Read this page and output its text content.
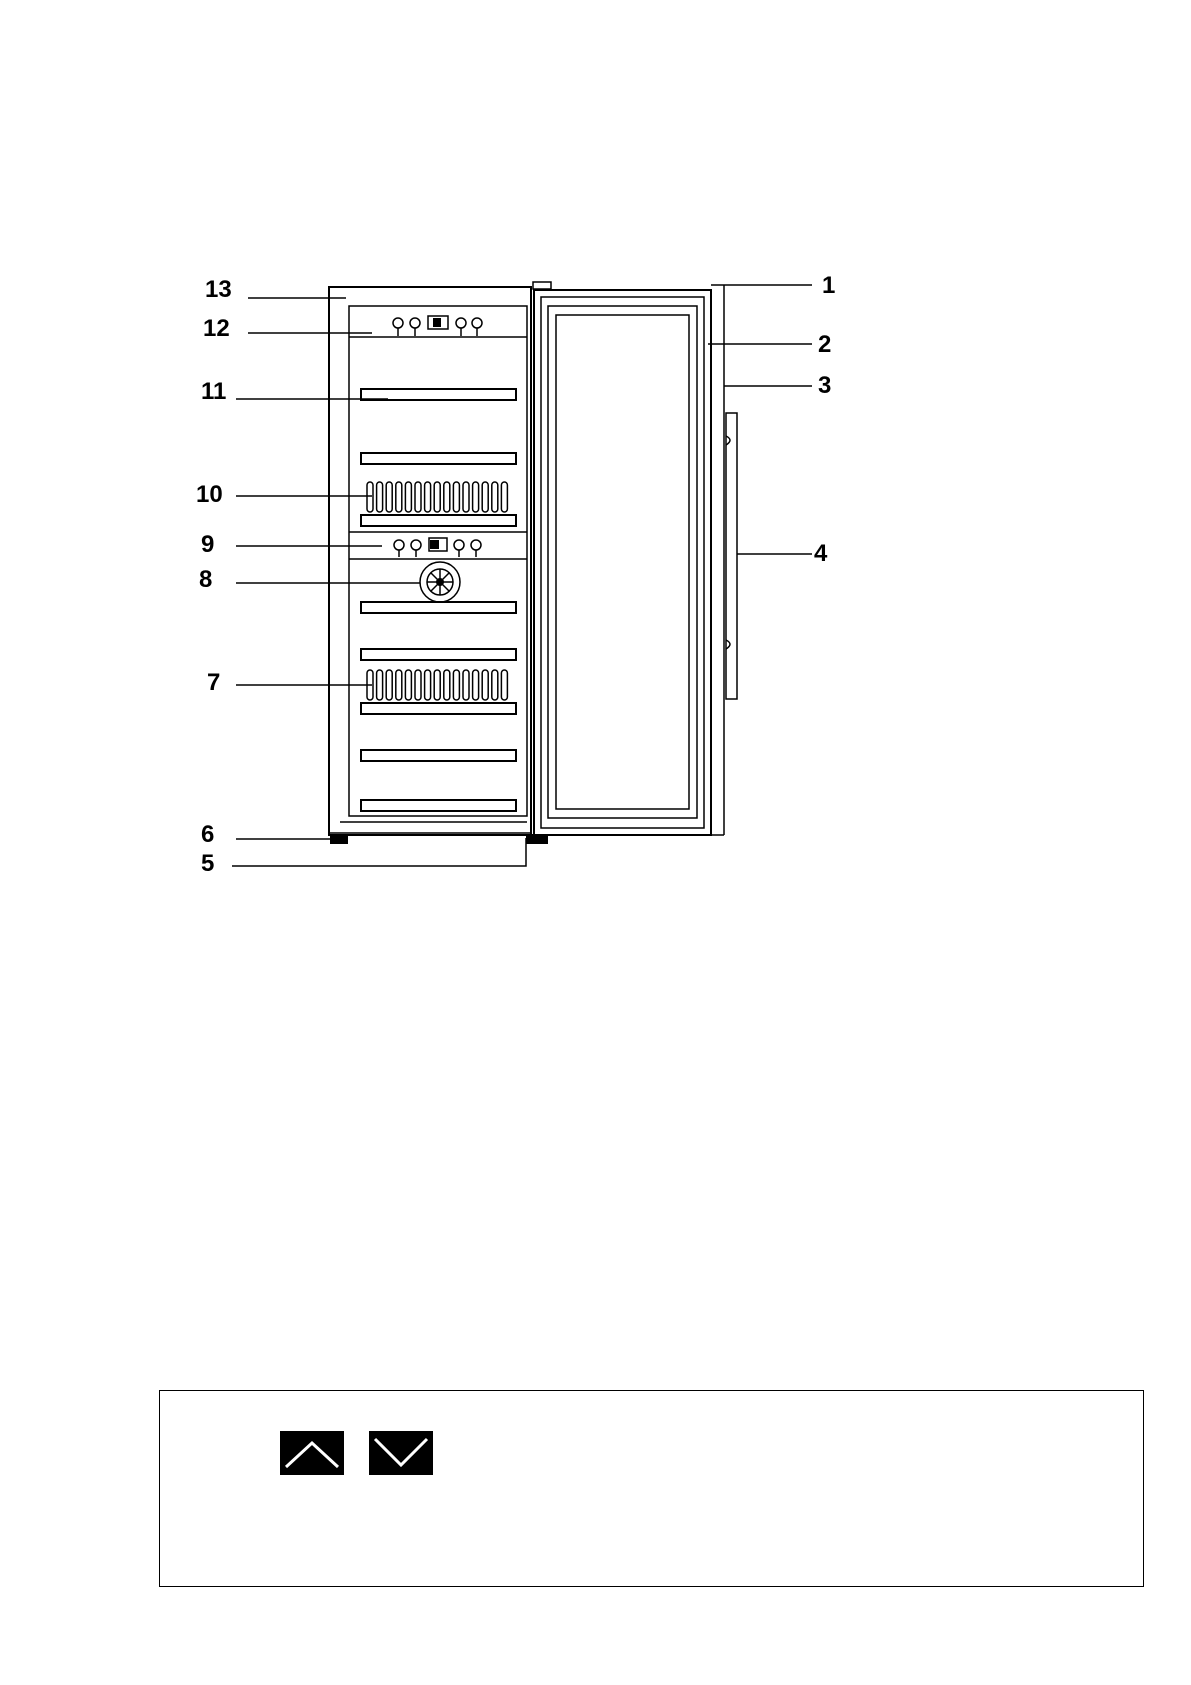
1
2
3
4
5
6
7
8
9
10
11
12
13
